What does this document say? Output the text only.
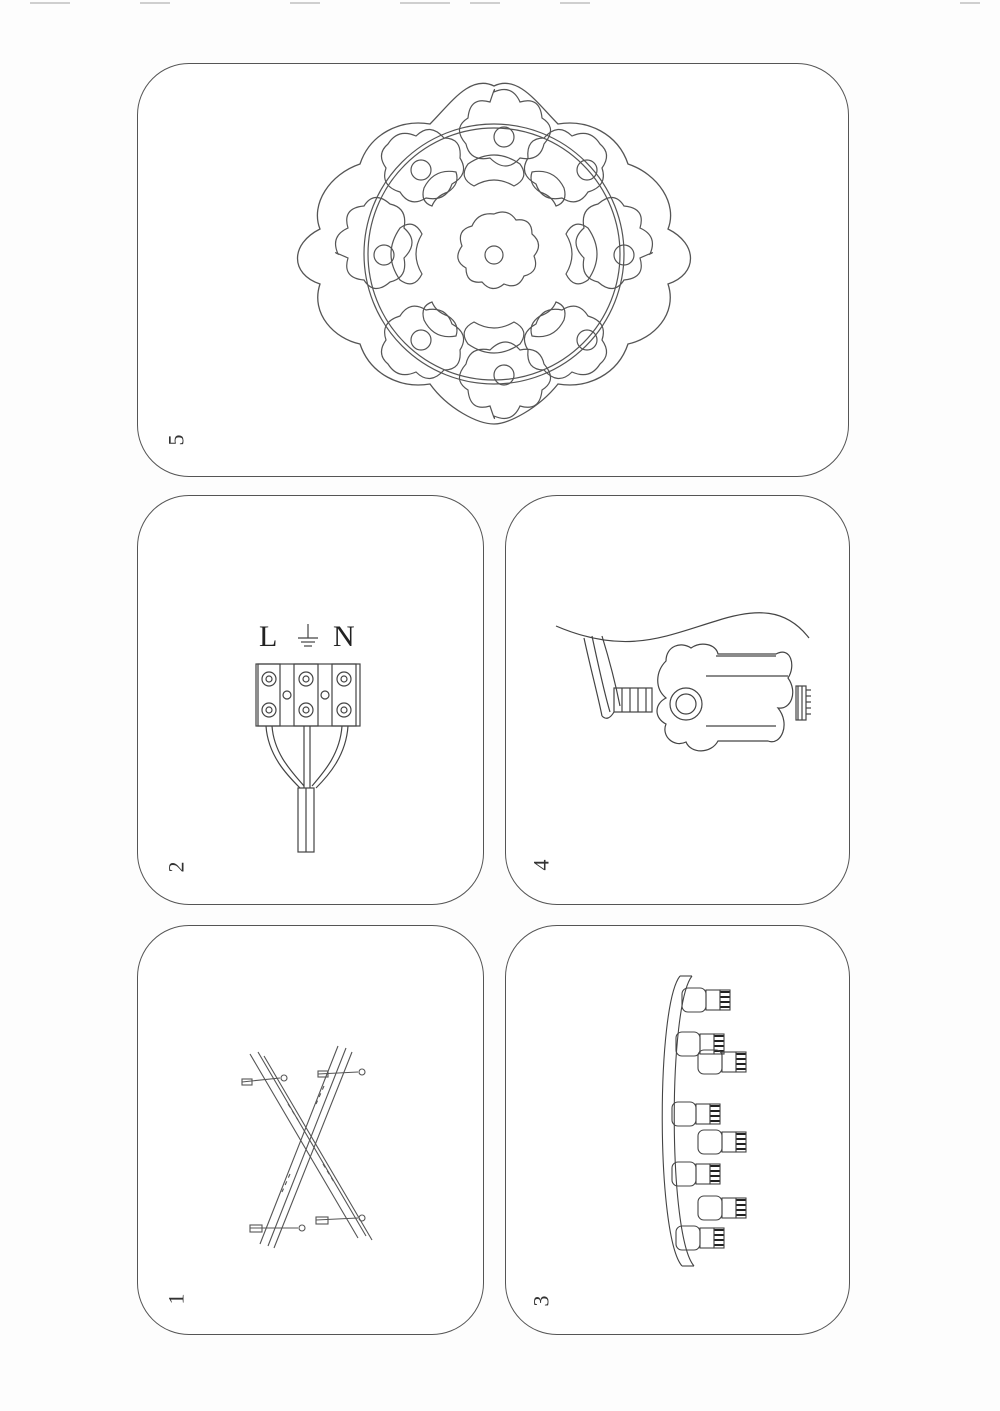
5
L N
2	4
1	3
